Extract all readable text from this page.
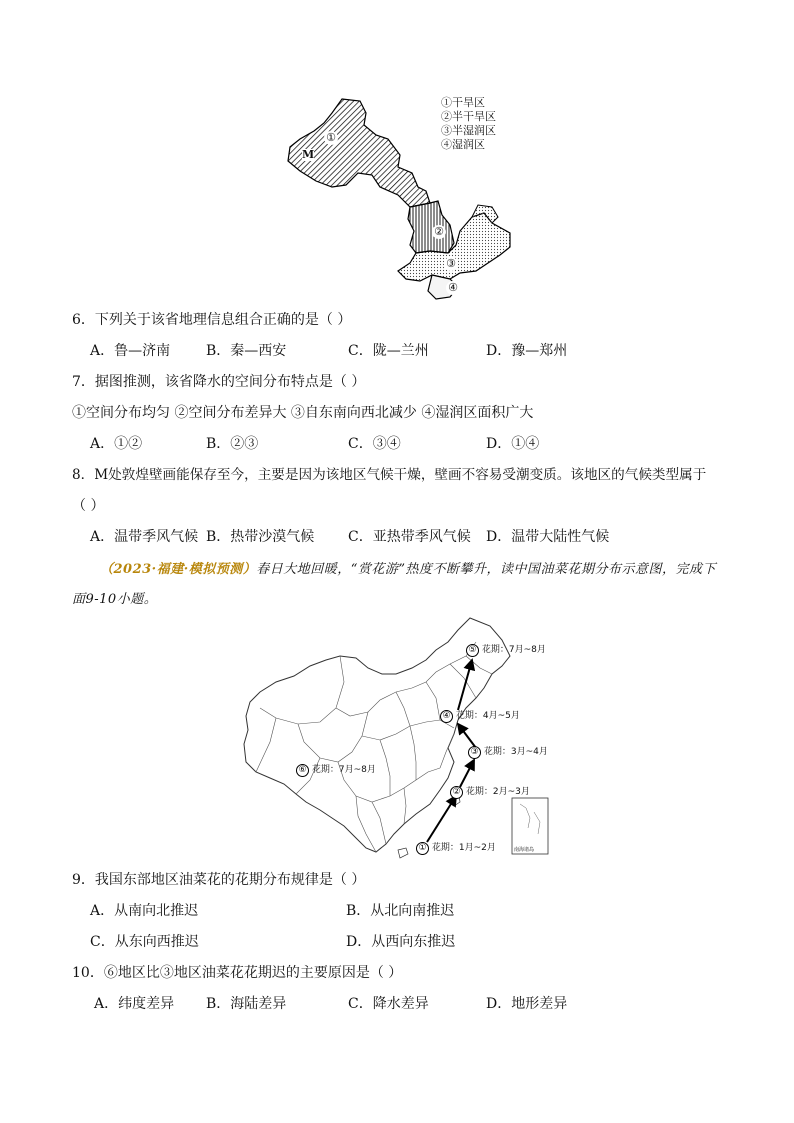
①
M
②
③
④
①干旱区
②半干旱区
③半湿润区
④湿润区
6．下列关于该省地理信息组合正确的是（ ）
A．鲁—济南	B．秦—西安	C．陇—兰州	D．豫—郑州
7．据图推测，该省降水的空间分布特点是（ ）
①空间分布均匀 ②空间分布差异大 ③自东南向西北减少 ④湿润区面积广大
A．①②	B．②③	C．③④	D．①④
8．M处敦煌壁画能保存至今，主要是因为该地区气候干燥，壁画不容易受潮变质。该地区的气候类型属于
（ ）
A．温带季风气候 B．热带沙漠气候 C．亚热带季风气候 D．温带大陆性气候
（2023·福建·模拟预测）春日大地回暖，“赏花游”热度不断攀升，读中国油菜花期分布示意图，完成下
面9-10小题。
⑤ 花期：7月~8月
④ 花期：4月~5月
③ 花期：3月~4月
② 花期：2月~3月
① 花期：1月~2月
⑥ 花期：7月~8月
南海诸岛
9．我国东部地区油菜花的花期分布规律是（ ）
A．从南向北推迟	B．从北向南推迟
C．从东向西推迟	D．从西向东推迟
10．⑥地区比③地区油菜花花期迟的主要原因是（ ）
A．纬度差异 B．海陆差异	C．降水差异	D．地形差异
